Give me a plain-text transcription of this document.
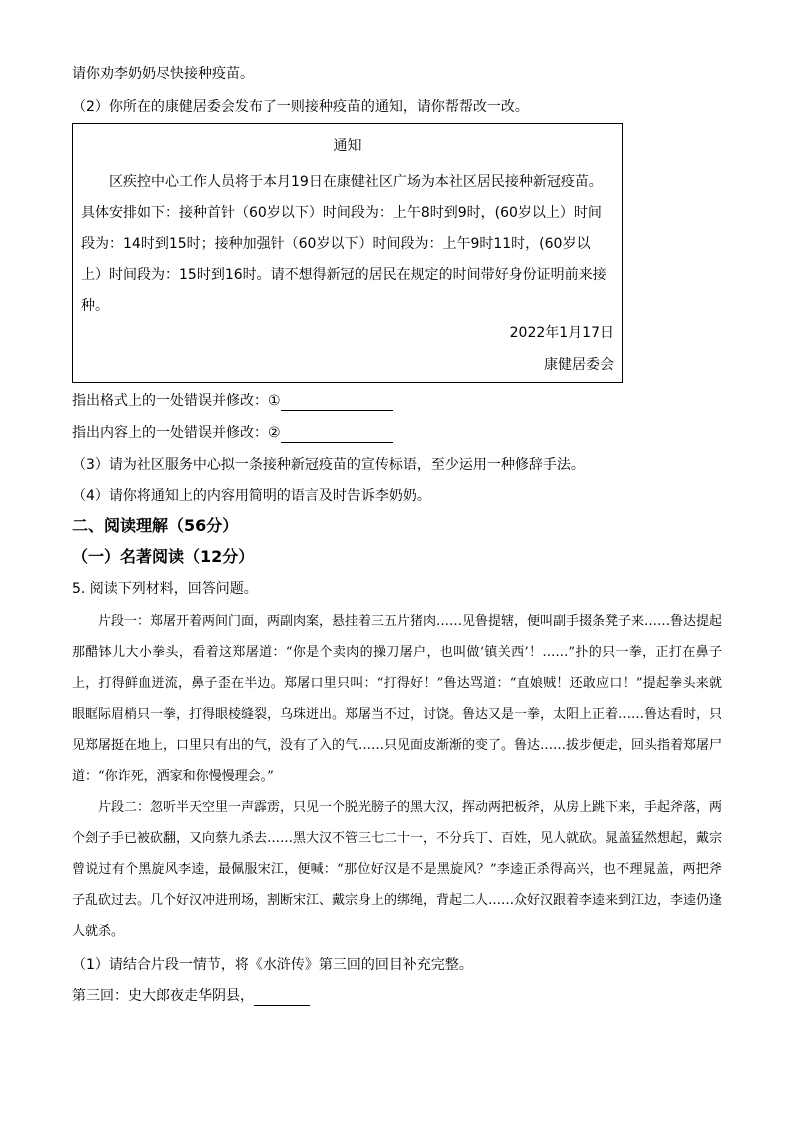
请你劝李奶奶尽快接种疫苗。
（2）你所在的康健居委会发布了一则接种疫苗的通知，请你帮帮改一改。
通知

区疾控中心工作人员将于本月19日在康健社区广场为本社区居民接种新冠疫苗。

具体安排如下：接种首针（60岁以下）时间段为：上午8时到9时，(60岁以上）时间

段为：14时到15时；接种加强针（60岁以下）时间段为：上午9时11时，(60岁以

上）时间段为：15时到16时。请不想得新冠的居民在规定的时间带好身份证明前来接

种。

2022年1月17日
康健居委会
指出格式上的一处错误并修改：①
指出内容上的一处错误并修改：②
（3）请为社区服务中心拟一条接种新冠疫苗的宣传标语，至少运用一种修辞手法。
（4）请你将通知上的内容用简明的语言及时告诉李奶奶。
二、阅读理解（56分）
（一）名著阅读（12分）
5. 阅读下列材料，回答问题。

片段一：郑屠开着两间门面，两副肉案，悬挂着三五片猪肉……见鲁提辖，便叫副手掇条凳子来……鲁达提起那醋钵儿大小拳头，看着这郑屠道：“你是个卖肉的操刀屠户，也叫做‘镇关西’！……”扑的只一拳，正打在鼻子上，打得鲜血迸流，鼻子歪在半边。郑屠口里只叫：“打得好！”鲁达骂道：“直娘贼！还敢应口！”提起拳头来就眼眶际眉梢只一拳，打得眼棱缝裂，乌珠迸出。郑屠当不过，讨饶。鲁达又是一拳，太阳上正着……鲁达看时，只见郑屠挺在地上，口里只有出的气，没有了入的气……只见面皮渐渐的变了。鲁达……拔步便走，回头指着郑屠尸道：“你诈死，洒家和你慢慢理会。”

片段二：忽听半天空里一声霹雳，只见一个脱光膀子的黑大汉，挥动两把板斧，从房上跳下来，手起斧落，两个刽子手已被砍翻，又向蔡九杀去……黑大汉不管三七二十一，不分兵丁、百姓，见人就砍。晁盖猛然想起，戴宗曾说过有个黑旋风李逵，最佩服宋江，便喊：“那位好汉是不是黑旋风？”李逵正杀得高兴，也不理晁盖，两把斧子乱砍过去。几个好汉冲进刑场，割断宋江、戴宗身上的绑绳，背起二人……众好汉跟着李逵来到江边，李逵仍逢人就杀。

（1）请结合片段一情节，将《水浒传》第三回的回目补充完整。
第三回：史大郎夜走华阴县，
